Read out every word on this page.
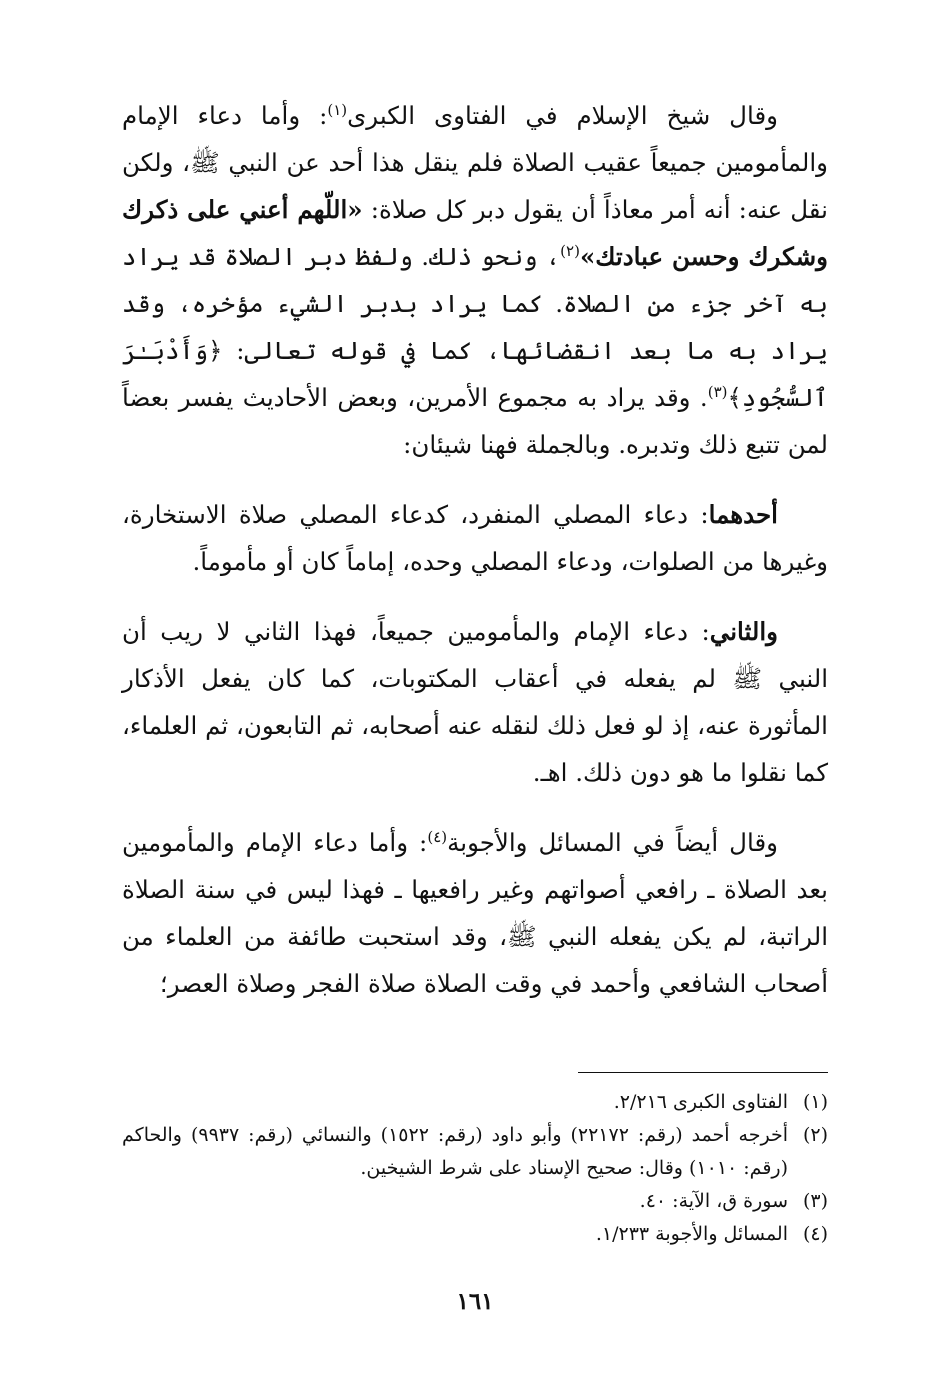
وقال شيخ الإسلام في الفتاوى الكبرى$^{(١)}$: وأما دعاء الإمام والمأمومين جميعاً عقيب الصلاة فلم ينقل هذا أحد عن النبي ﷺ، ولكن نقل عنه: أنه أمر معاذاً أن يقول دبر كل صلاة: «اللّهم أعني على ذكرك وشكرك وحسن عبادتك»$^{(٢)}$، ونحو ذلك. ولفظ دبر الصلاة قد يراد به آخر جزء من الصلاة. كما يراد بدبر الشيء مؤخره، وقد يراد به ما بعد انقضائها، كما في قوله تعالى: ﴿وَأَدْبَـٰرَ ٱلسُّجُودِ﴾$^{(٣)}$. وقد يراد به مجموع الأمرين، وبعض الأحاديث يفسر بعضاً لمن تتبع ذلك وتدبره. وبالجملة فهنا شيئان:

أحدهما: دعاء المصلي المنفرد، كدعاء المصلي صلاة الاستخارة، وغيرها من الصلوات، ودعاء المصلي وحده، إماماً كان أو مأموماً.

والثاني: دعاء الإمام والمأمومين جميعاً، فهذا الثاني لا ريب أن النبي ﷺ لم يفعله في أعقاب المكتوبات، كما كان يفعل الأذكار المأثورة عنه، إذ لو فعل ذلك لنقله عنه أصحابه، ثم التابعون، ثم العلماء، كما نقلوا ما هو دون ذلك. اهـ.

وقال أيضاً في المسائل والأجوبة$^{(٤)}$: وأما دعاء الإمام والمأمومين بعد الصلاة ـ رافعي أصواتهم وغير رافعيها ـ فهذا ليس في سنة الصلاة الراتبة، لم يكن يفعله النبي ﷺ، وقد استحبت طائفة من العلماء من أصحاب الشافعي وأحمد في وقت الصلاة صلاة الفجر وصلاة العصر؛

(١)
الفتاوى الكبرى ٢/٢١٦.
(٢)
أخرجه أحمد (رقم: ٢٢١٧٢) وأبو داود (رقم: ١٥٢٢) والنسائي (رقم: ٩٩٣٧) والحاكم (رقم: ١٠١٠) وقال: صحيح الإسناد على شرط الشيخين.
(٣)
سورة ق، الآية: ٤٠.
(٤)
المسائل والأجوبة ١/٢٣٣.
١٦١
